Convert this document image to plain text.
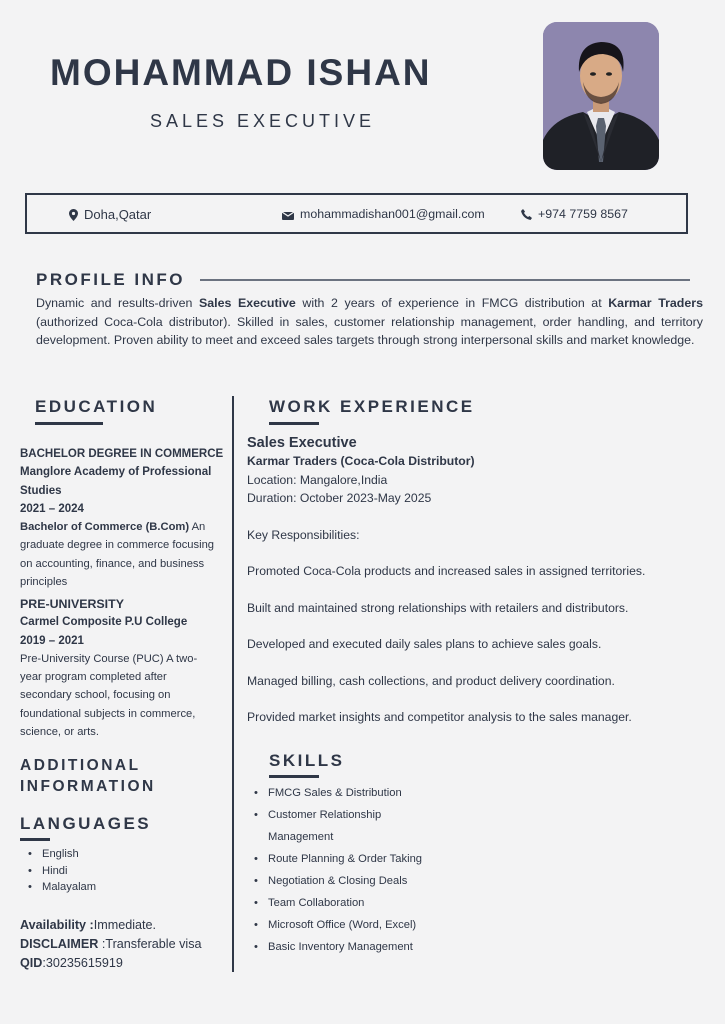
MOHAMMAD ISHAN
SALES EXECUTIVE
Doha,Qatar	mohammadishan001@gmail.com	+974 7759 8567
PROFILE INFO
Dynamic and results-driven Sales Executive with 2 years of experience in FMCG distribution at Karmar Traders (authorized Coca-Cola distributor). Skilled in sales, customer relationship management, order handling, and territory development. Proven ability to meet and exceed sales targets through strong interpersonal skills and market knowledge.
EDUCATION
BACHELOR DEGREE IN COMMERCE
Manglore Academy of Professional Studies
2021 – 2024
Bachelor of Commerce (B.Com) An graduate degree in commerce focusing on accounting, finance, and business principles
PRE-UNIVERSITY
Carmel Composite P.U College
2019 – 2021
Pre-University Course (PUC) A two-year program completed after secondary school, focusing on foundational subjects in commerce, science, or arts.
ADDITIONAL
INFORMATION
LANGUAGES
• English
• Hindi
• Malayalam
Availability :Immediate.
DISCLAIMER :Transferable visa
QID:30235615919
WORK EXPERIENCE
Sales Executive
Karmar Traders (Coca-Cola Distributor)
Location: Mangalore,India
Duration: October 2023-May 2025
Key Responsibilities:
Promoted Coca-Cola products and increased sales in assigned territories.
Built and maintained strong relationships with retailers and distributors.
Developed and executed daily sales plans to achieve sales goals.
Managed billing, cash collections, and product delivery coordination.
Provided market insights and competitor analysis to the sales manager.
SKILLS
• FMCG Sales & Distribution
• Customer Relationship Management
• Route Planning & Order Taking
• Negotiation & Closing Deals
• Team Collaboration
• Microsoft Office (Word, Excel)
• Basic Inventory Management
